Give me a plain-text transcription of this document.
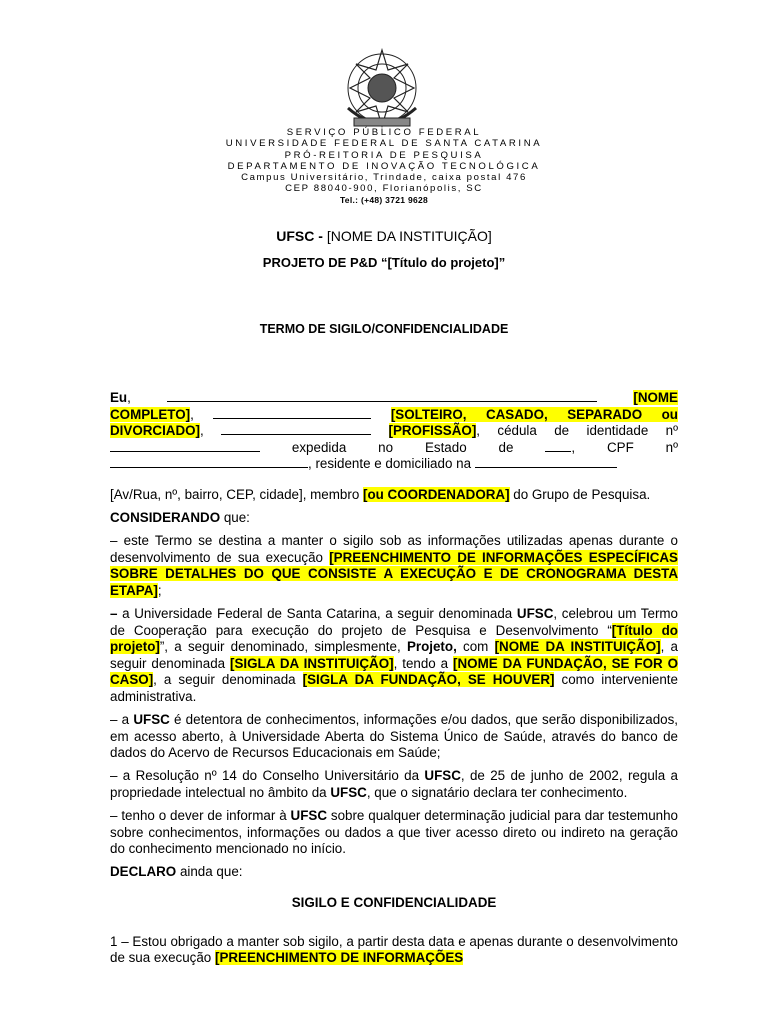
SERVIÇO PÚBLICO FEDERAL
UNIVERSIDADE FEDERAL DE SANTA CATARINA
PRÓ-REITORIA DE PESQUISA
DEPARTAMENTO DE INOVAÇÃO TECNOLÓGICA
Campus Universitário, Trindade, caixa postal 476
CEP 88040-900, Florianópolis, SC
Tel.: (+48) 3721 9628
UFSC - [NOME DA INSTITUIÇÃO]
PROJETO DE P&D “[Título do projeto]”
TERMO DE SIGILO/CONFIDENCIALIDADE

Eu,	[NOME COMPLETO],	[SOLTEIRO, CASADO, SEPARADO ou DIVORCIADO],	[PROFISSÃO], cédula de identidade nº  expedida no Estado de	, CPF nº , residente e domiciliado na

[Av/Rua, nº, bairro, CEP, cidade], membro [ou COORDENADORA] do Grupo de Pesquisa.

CONSIDERANDO que:

– este Termo se destina a manter o sigilo sob as informações utilizadas apenas durante o desenvolvimento de sua execução [PREENCHIMENTO DE INFORMAÇÕES ESPECÍFICAS SOBRE DETALHES DO QUE CONSISTE A EXECUÇÃO E DE CRONOGRAMA DESTA ETAPA];

– a Universidade Federal de Santa Catarina, a seguir denominada UFSC, celebrou um Termo de Cooperação para execução do projeto de Pesquisa e Desenvolvimento “[Título do projeto]”, a seguir denominado, simplesmente, Projeto, com [NOME DA INSTITUIÇÃO], a seguir denominada [SIGLA DA INSTITUIÇÃO], tendo a [NOME DA FUNDAÇÃO, SE FOR O CASO], a seguir denominada [SIGLA DA FUNDAÇÃO, SE HOUVER] como interveniente administrativa.

– a UFSC é detentora de conhecimentos, informações e/ou dados, que serão disponibilizados, em acesso aberto, à Universidade Aberta do Sistema Único de Saúde, através do banco de dados do Acervo de Recursos Educacionais em Saúde;

– a Resolução nº 14 do Conselho Universitário da UFSC, de 25 de junho de 2002, regula a propriedade intelectual no âmbito da UFSC, que o signatário declara ter conhecimento.

– tenho o dever de informar à UFSC sobre qualquer determinação judicial para dar testemunho sobre conhecimentos, informações ou dados a que tiver acesso direto ou indireto na geração do conhecimento mencionado no início.

DECLARO ainda que:

SIGILO E CONFIDENCIALIDADE

1 – Estou obrigado a manter sob sigilo, a partir desta data e apenas durante o desenvolvimento de sua execução [PREENCHIMENTO DE INFORMAÇÕES
